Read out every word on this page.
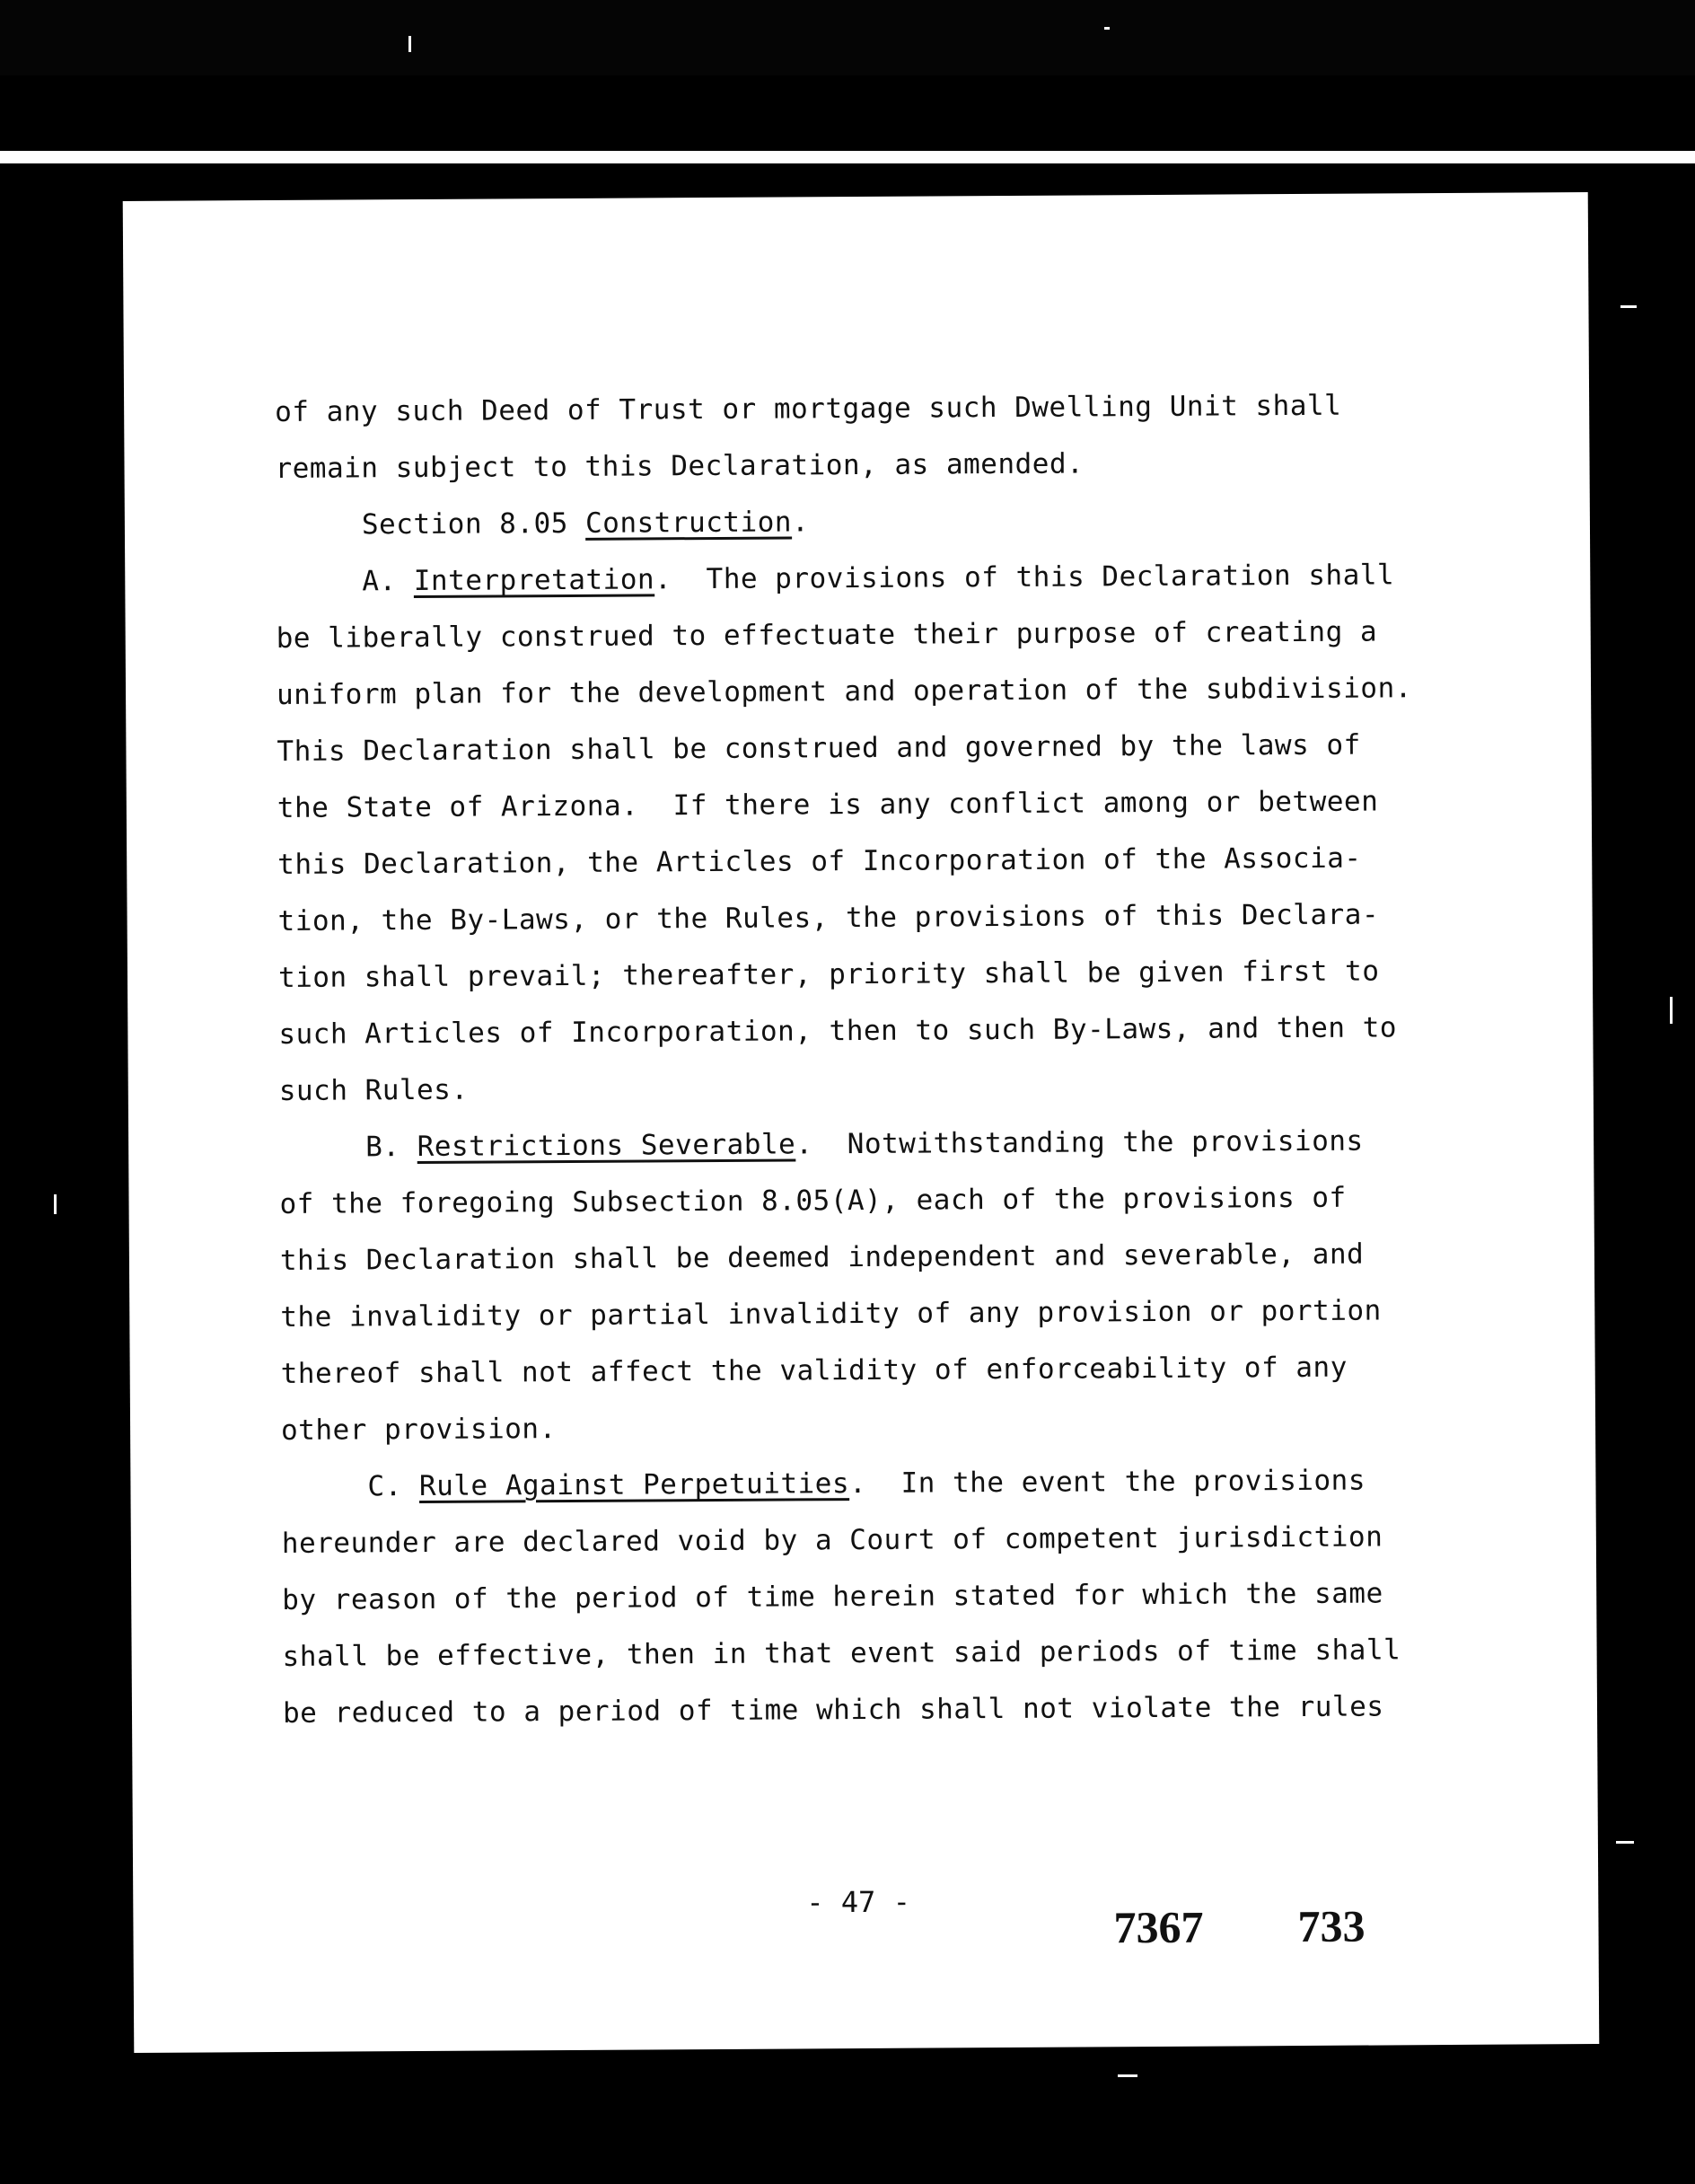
of any such Deed of Trust or mortgage such Dwelling Unit shall
remain subject to this Declaration, as amended.
Section 8.05 Construction.
A. Interpretation.  The provisions of this Declaration shall
be liberally construed to effectuate their purpose of creating a
uniform plan for the development and operation of the subdivision.
This Declaration shall be construed and governed by the laws of
the State of Arizona.  If there is any conflict among or between
this Declaration, the Articles of Incorporation of the Associa-
tion, the By-Laws, or the Rules, the provisions of this Declara-
tion shall prevail; thereafter, priority shall be given first to
such Articles of Incorporation, then to such By-Laws, and then to
such Rules.
B. Restrictions Severable.  Notwithstanding the provisions
of the foregoing Subsection 8.05(A), each of the provisions of
this Declaration shall be deemed independent and severable, and
the invalidity or partial invalidity of any provision or portion
thereof shall not affect the validity of enforceability of any
other provision.
C. Rule Against Perpetuities.  In the event the provisions
hereunder are declared void by a Court of competent jurisdiction
by reason of the period of time herein stated for which the same
shall be effective, then in that event said periods of time shall
be reduced to a period of time which shall not violate the rules
- 47 -	7367 733
